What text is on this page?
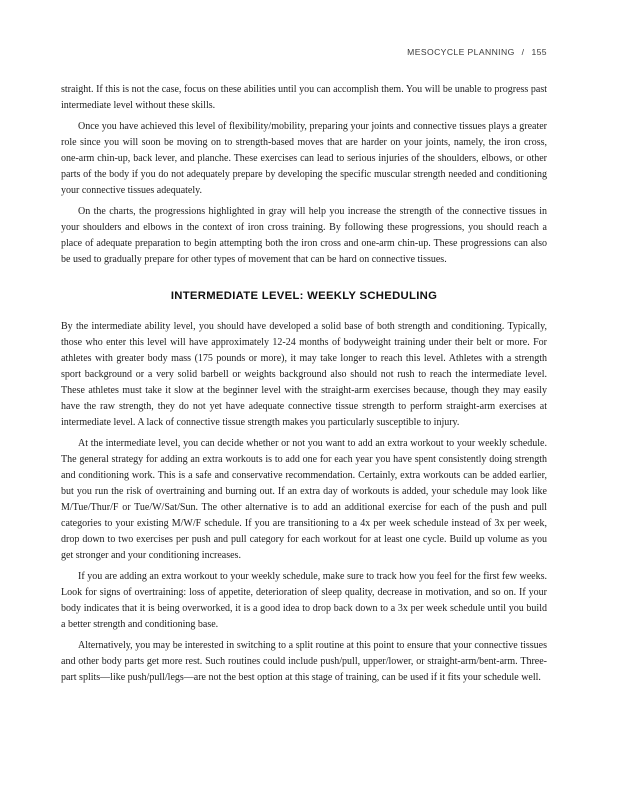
MESOCYCLE PLANNING / 155

straight. If this is not the case, focus on these abilities until you can accomplish them. You will be unable to progress past intermediate level without these skills.

Once you have achieved this level of flexibility/mobility, preparing your joints and connective tissues plays a greater role since you will soon be moving on to strength-based moves that are harder on your joints, namely, the iron cross, one-arm chin-up, back lever, and planche. These exercises can lead to serious injuries of the shoulders, elbows, or other parts of the body if you do not adequately prepare by developing the specific muscular strength needed and conditioning your connective tissues adequately.

On the charts, the progressions highlighted in gray will help you increase the strength of the connective tissues in your shoulders and elbows in the context of iron cross training. By following these progressions, you should reach a place of adequate preparation to begin attempting both the iron cross and one-arm chin-up. These progressions can also be used to gradually prepare for other types of movement that can be hard on connective tissues.

INTERMEDIATE LEVEL: WEEKLY SCHEDULING

By the intermediate ability level, you should have developed a solid base of both strength and conditioning. Typically, those who enter this level will have approximately 12-24 months of bodyweight training under their belt or more. For athletes with greater body mass (175 pounds or more), it may take longer to reach this level. Athletes with a strength sport background or a very solid barbell or weights background also should not rush to reach the intermediate level. These athletes must take it slow at the beginner level with the straight-arm exercises because, though they may easily have the raw strength, they do not yet have adequate connective tissue strength to perform straight-arm exercises at intermediate level. A lack of connective tissue strength makes you particularly susceptible to injury.

At the intermediate level, you can decide whether or not you want to add an extra workout to your weekly schedule. The general strategy for adding an extra workouts is to add one for each year you have spent consistently doing strength and conditioning work. This is a safe and conservative recommendation. Certainly, extra workouts can be added earlier, but you run the risk of overtraining and burning out. If an extra day of workouts is added, your schedule may look like M/Tue/Thur/F or Tue/W/Sat/Sun. The other alternative is to add an additional exercise for each of the push and pull categories to your existing M/W/F schedule. If you are transitioning to a 4x per week schedule instead of 3x per week, drop down to two exercises per push and pull category for each workout for at least one cycle. Build up volume as you get stronger and your conditioning increases.

If you are adding an extra workout to your weekly schedule, make sure to track how you feel for the first few weeks. Look for signs of overtraining: loss of appetite, deterioration of sleep quality, decrease in motivation, and so on. If your body indicates that it is being overworked, it is a good idea to drop back down to a 3x per week schedule until you build a better strength and conditioning base.

Alternatively, you may be interested in switching to a split routine at this point to ensure that your connective tissues and other body parts get more rest. Such routines could include push/pull, upper/lower, or straight-arm/bent-arm. Three-part splits—like push/pull/legs—are not the best option at this stage of training, can be used if it fits your schedule well.
